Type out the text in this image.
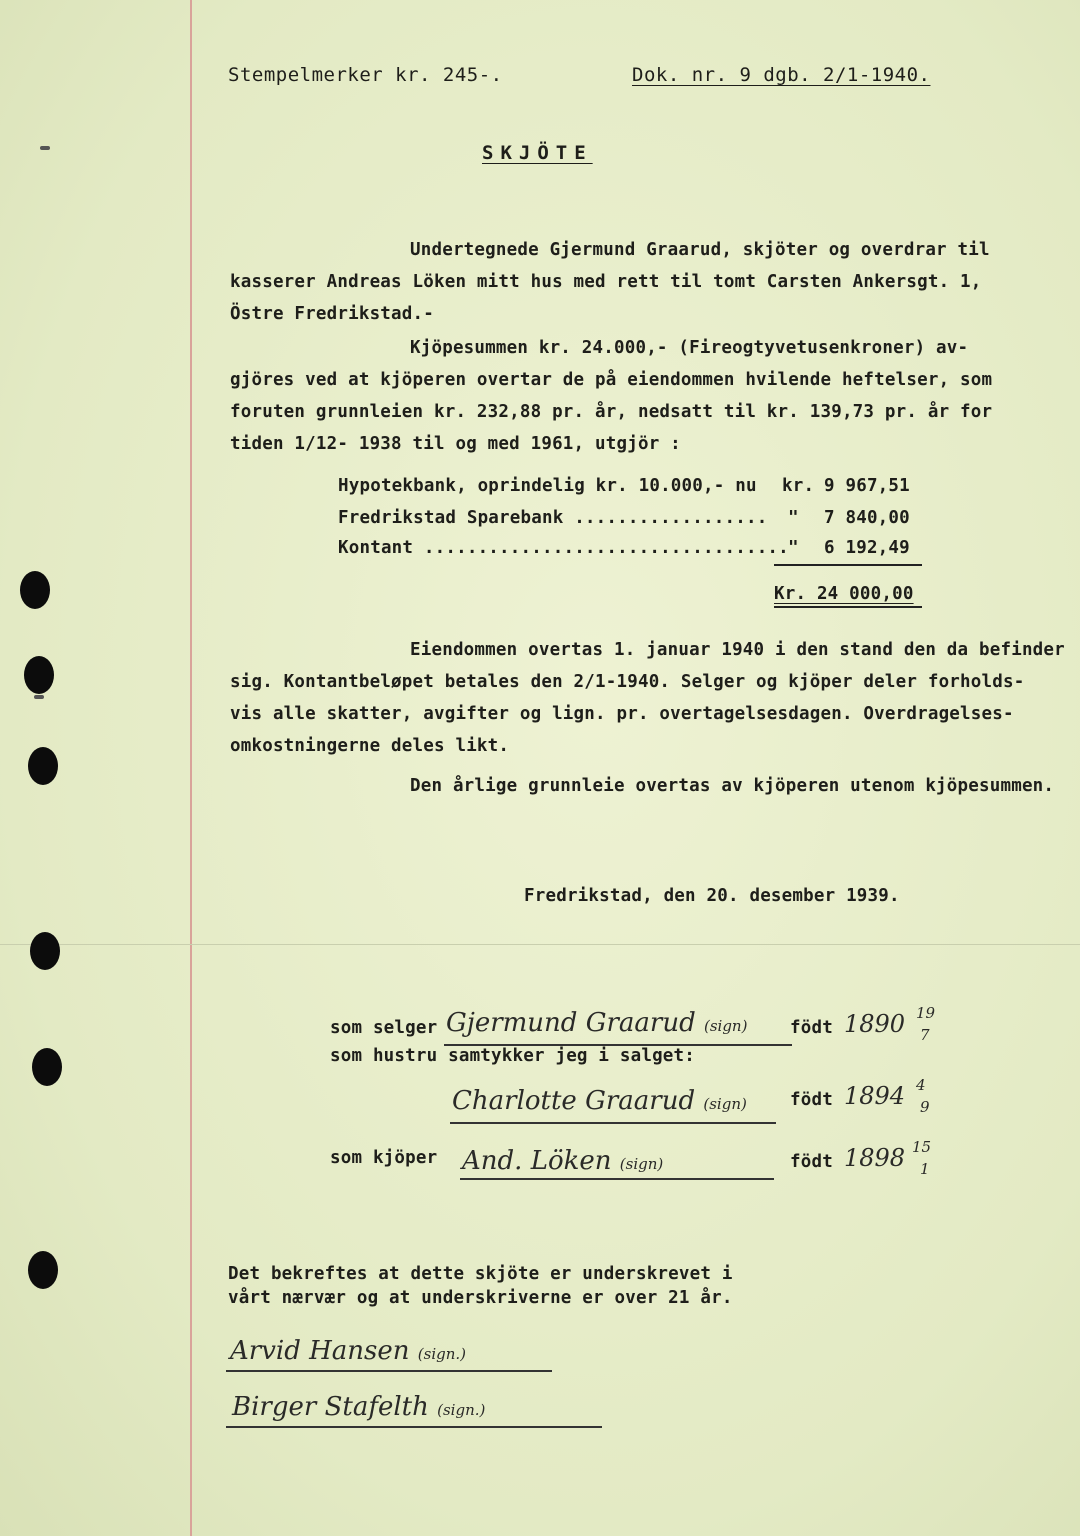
Stempelmerker kr. 245-.	Dok. nr. 9 dgb. 2/1-1940.
SKJÖTE
Undertegnede Gjermund Graarud, skjöter og overdrar til
kasserer Andreas Löken mitt hus med rett til tomt Carsten Ankersgt. 1,
Östre Fredrikstad.-
Kjöpesummen kr. 24.000,- (Fireogtyvetusenkroner) av-
gjöres ved at kjöperen overtar de på eiendommen hvilende heftelser, som
foruten grunnleien kr. 232,88 pr. år, nedsatt til kr. 139,73 pr. år for
tiden 1/12- 1938 til og med 1961, utgjör :
Hypotekbank, oprindelig kr. 10.000,- nu kr. 9 967,51
Fredrikstad Sparebank .................. " 7 840,00
Kontant .................................. " 6 192,49
Kr. 24 000,00
Eiendommen overtas 1. januar 1940 i den stand den da befinder
sig. Kontantbeløpet betales den 2/1-1940. Selger og kjöper deler forholds-
vis alle skatter, avgifter og lign. pr. overtagelsesdagen. Overdragelses-
omkostningerne deles likt.
Den årlige grunnleie overtas av kjöperen utenom kjöpesummen.
Fredrikstad, den 20. desember 1939.
som selger Gjermund Graarud (sign) födt 1890 19
7
som hustru samtykker jeg i salget:
Charlotte Graarud (sign) födt 1894 4
9
som kjöper And. Löken (sign)	födt 1898 15
1
Det bekreftes at dette skjöte er underskrevet i
vårt nærvær og at underskriverne er over 21 år.
Arvid Hansen (sign.)
Birger Stafelth (sign.)
